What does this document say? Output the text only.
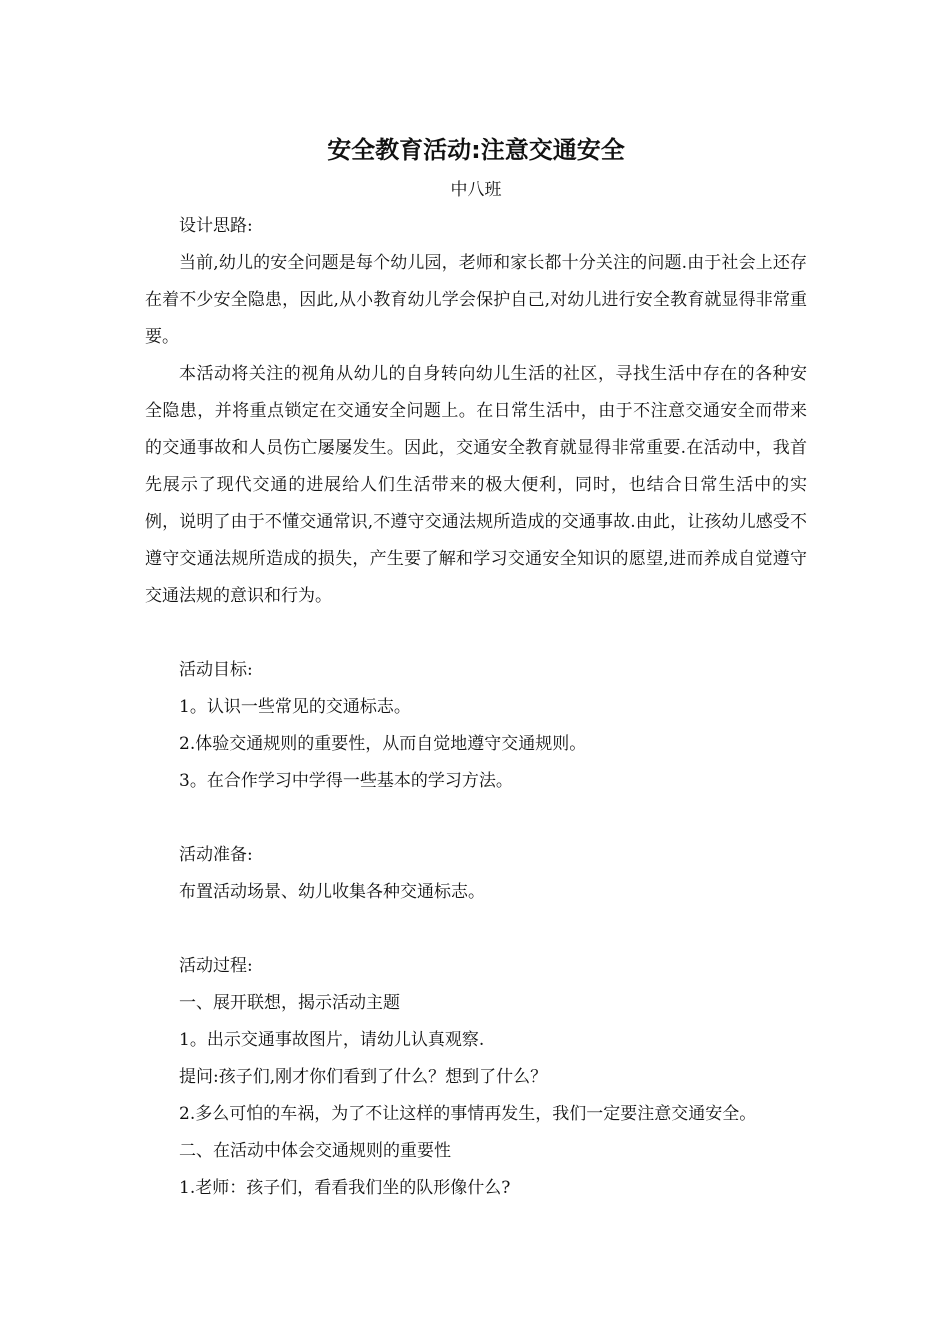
安全教育活动:注意交通安全

中八班

设计思路:

当前,幼儿的安全问题是每个幼儿园，老师和家长都十分关注的问题.由于社会上还存在着不少安全隐患，因此,从小教育幼儿学会保护自己,对幼儿进行安全教育就显得非常重要。

本活动将关注的视角从幼儿的自身转向幼儿生活的社区，寻找生活中存在的各种安全隐患，并将重点锁定在交通安全问题上。在日常生活中，由于不注意交通安全而带来的交通事故和人员伤亡屡屡发生。因此，交通安全教育就显得非常重要.在活动中，我首先展示了现代交通的进展给人们生活带来的极大便利，同时，也结合日常生活中的实例，说明了由于不懂交通常识,不遵守交通法规所造成的交通事故.由此，让孩幼儿感受不遵守交通法规所造成的损失，产生要了解和学习交通安全知识的愿望,进而养成自觉遵守交通法规的意识和行为。

活动目标:

1。认识一些常见的交通标志。

2.体验交通规则的重要性，从而自觉地遵守交通规则。

3。在合作学习中学得一些基本的学习方法。

活动准备:

布置活动场景、幼儿收集各种交通标志。

活动过程:

一、展开联想，揭示活动主题

1。出示交通事故图片，请幼儿认真观察.

提问:孩子们,刚才你们看到了什么？想到了什么？

2.多么可怕的车祸，为了不让这样的事情再发生，我们一定要注意交通安全。

二、在活动中体会交通规则的重要性

1.老师：孩子们，看看我们坐的队形像什么?
